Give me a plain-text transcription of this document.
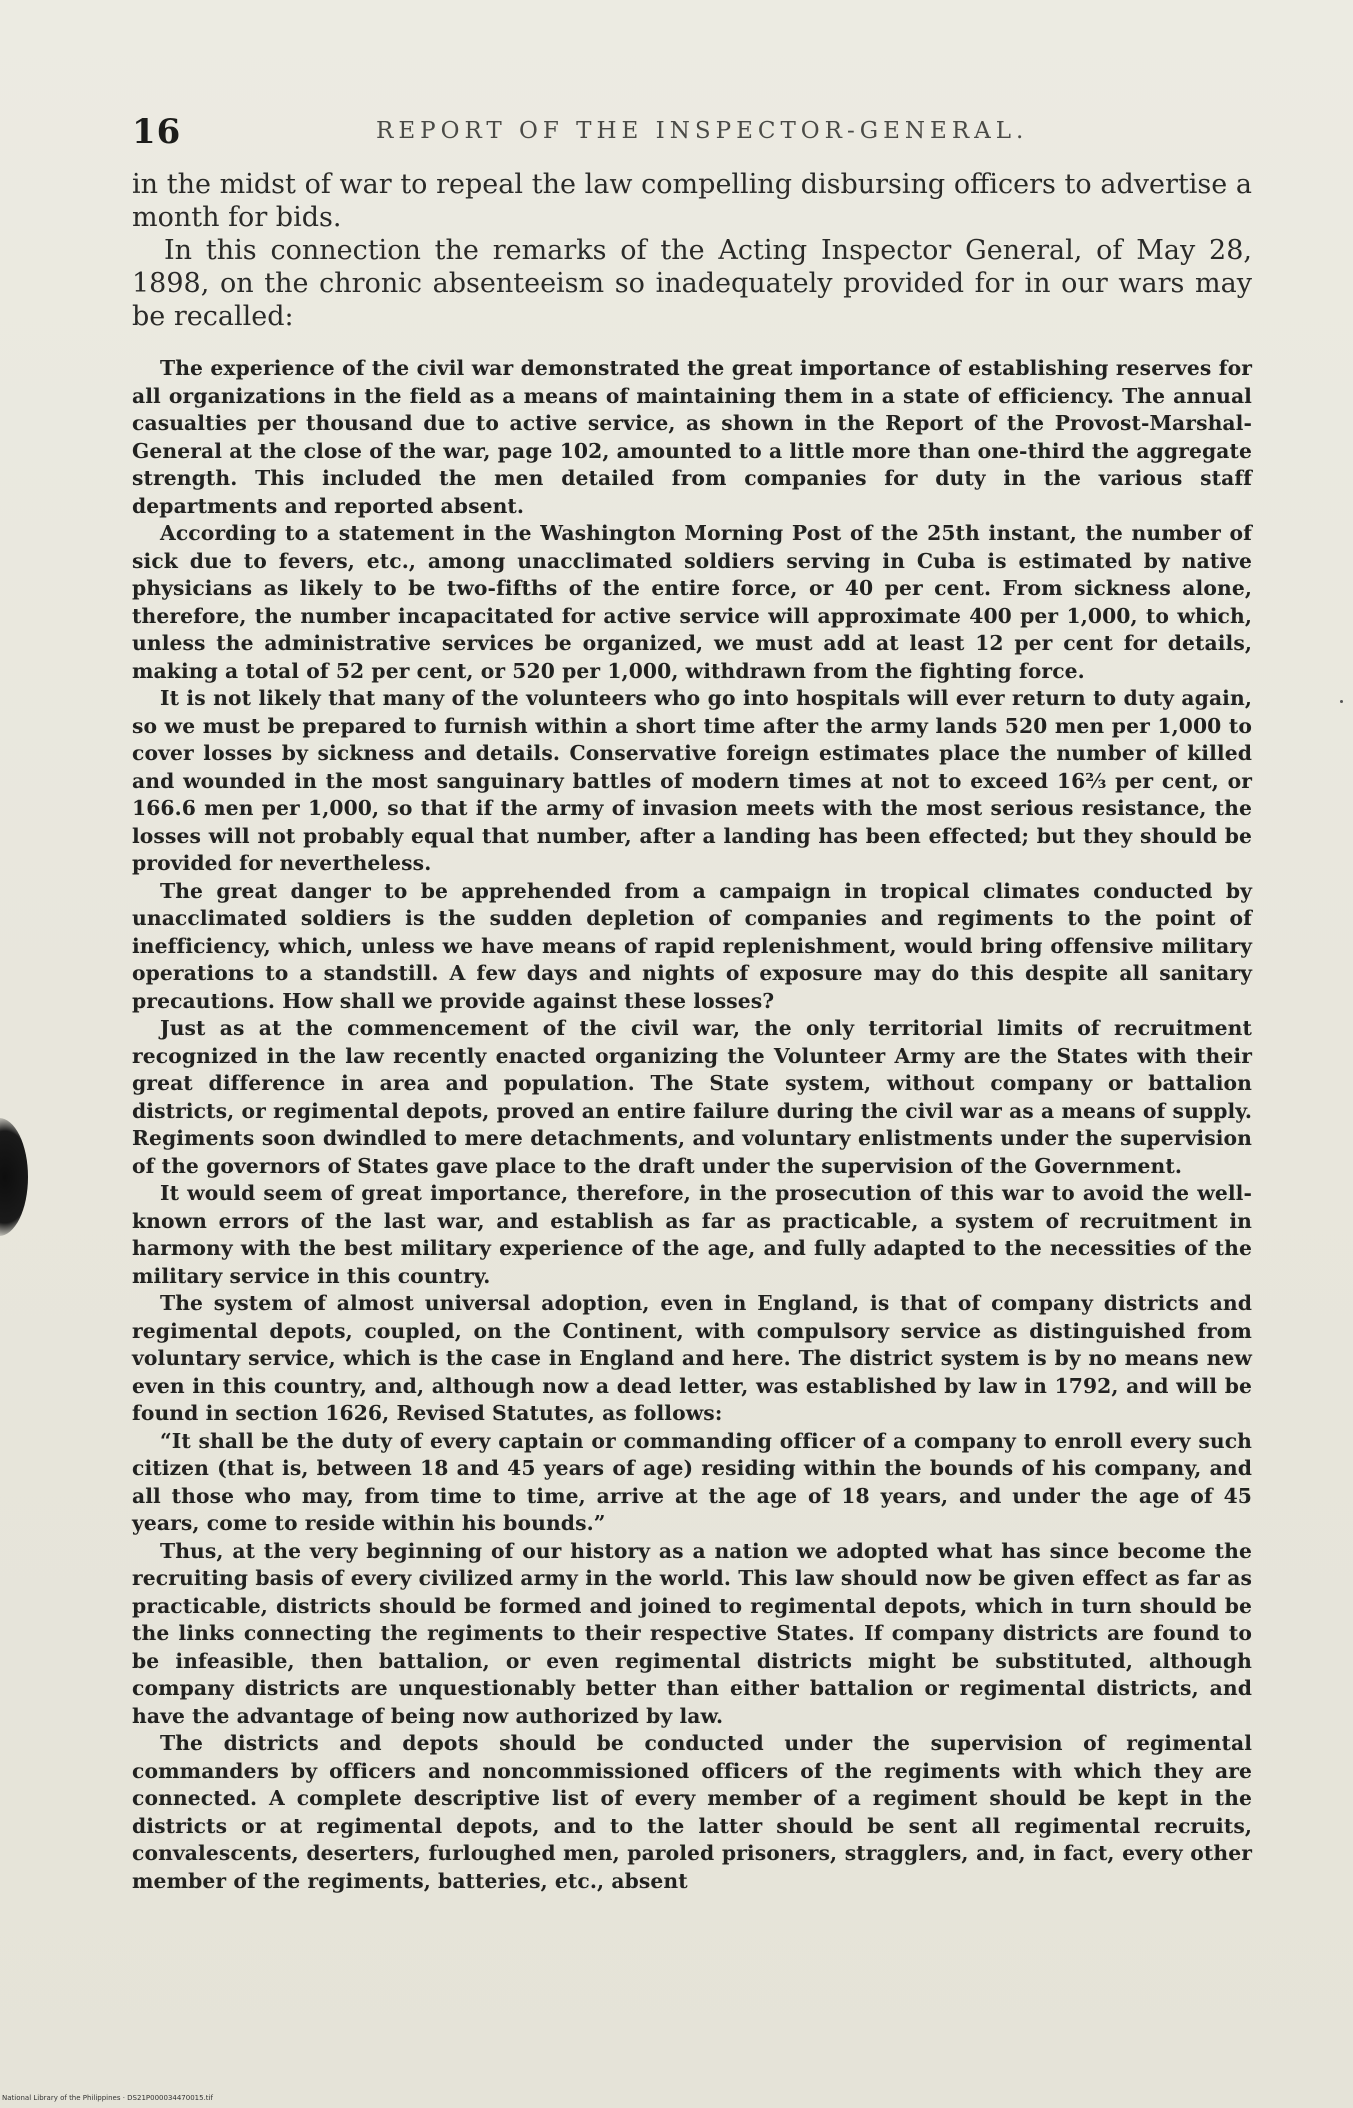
16	REPORT OF THE INSPECTOR-GENERAL.

in the midst of war to repeal the law compelling disbursing officers to advertise a month for bids.

In this connection the remarks of the Acting Inspector General, of May 28, 1898, on the chronic absenteeism so inadequately provided for in our wars may be recalled:

The experience of the civil war demonstrated the great importance of establishing reserves for all organizations in the field as a means of maintaining them in a state of efficiency. The annual casualties per thousand due to active service, as shown in the Report of the Provost-Marshal-General at the close of the war, page 102, amounted to a little more than one-third the aggregate strength. This included the men detailed from companies for duty in the various staff departments and reported absent.

According to a statement in the Washington Morning Post of the 25th instant, the number of sick due to fevers, etc., among unacclimated soldiers serving in Cuba is estimated by native physicians as likely to be two-fifths of the entire force, or 40 per cent. From sickness alone, therefore, the number incapacitated for active service will approximate 400 per 1,000, to which, unless the administrative services be organized, we must add at least 12 per cent for details, making a total of 52 per cent, or 520 per 1,000, withdrawn from the fighting force.

It is not likely that many of the volunteers who go into hospitals will ever return to duty again, so we must be prepared to furnish within a short time after the army lands 520 men per 1,000 to cover losses by sickness and details. Conservative foreign estimates place the number of killed and wounded in the most sanguinary battles of modern times at not to exceed 16⅔ per cent, or 166.6 men per 1,000, so that if the army of invasion meets with the most serious resistance, the losses will not probably equal that number, after a landing has been effected; but they should be provided for nevertheless.

The great danger to be apprehended from a campaign in tropical climates conducted by unacclimated soldiers is the sudden depletion of companies and regiments to the point of inefficiency, which, unless we have means of rapid replenishment, would bring offensive military operations to a standstill. A few days and nights of exposure may do this despite all sanitary precautions. How shall we provide against these losses?

Just as at the commencement of the civil war, the only territorial limits of recruitment recognized in the law recently enacted organizing the Volunteer Army are the States with their great difference in area and population. The State system, without company or battalion districts, or regimental depots, proved an entire failure during the civil war as a means of supply. Regiments soon dwindled to mere detachments, and voluntary enlistments under the supervision of the governors of States gave place to the draft under the supervision of the Government.

It would seem of great importance, therefore, in the prosecution of this war to avoid the well-known errors of the last war, and establish as far as practicable, a system of recruitment in harmony with the best military experience of the age, and fully adapted to the necessities of the military service in this country.

The system of almost universal adoption, even in England, is that of company districts and regimental depots, coupled, on the Continent, with compulsory service as distinguished from voluntary service, which is the case in England and here. The district system is by no means new even in this country, and, although now a dead letter, was established by law in 1792, and will be found in section 1626, Revised Statutes, as follows:

“It shall be the duty of every captain or commanding officer of a company to enroll every such citizen (that is, between 18 and 45 years of age) residing within the bounds of his company, and all those who may, from time to time, arrive at the age of 18 years, and under the age of 45 years, come to reside within his bounds.”

Thus, at the very beginning of our history as a nation we adopted what has since become the recruiting basis of every civilized army in the world. This law should now be given effect as far as practicable, districts should be formed and joined to regimental depots, which in turn should be the links connecting the regiments to their respective States. If company districts are found to be infeasible, then battalion, or even regimental districts might be substituted, although company districts are unquestionably better than either battalion or regimental districts, and have the advantage of being now authorized by law.

The districts and depots should be conducted under the supervision of regimental commanders by officers and noncommissioned officers of the regiments with which they are connected. A complete descriptive list of every member of a regiment should be kept in the districts or at regimental depots, and to the latter should be sent all regimental recruits, convalescents, deserters, furloughed men, paroled prisoners, stragglers, and, in fact, every other member of the regiments, batteries, etc., absent

National Library of the Philippines · DS21P000034470015.tif
